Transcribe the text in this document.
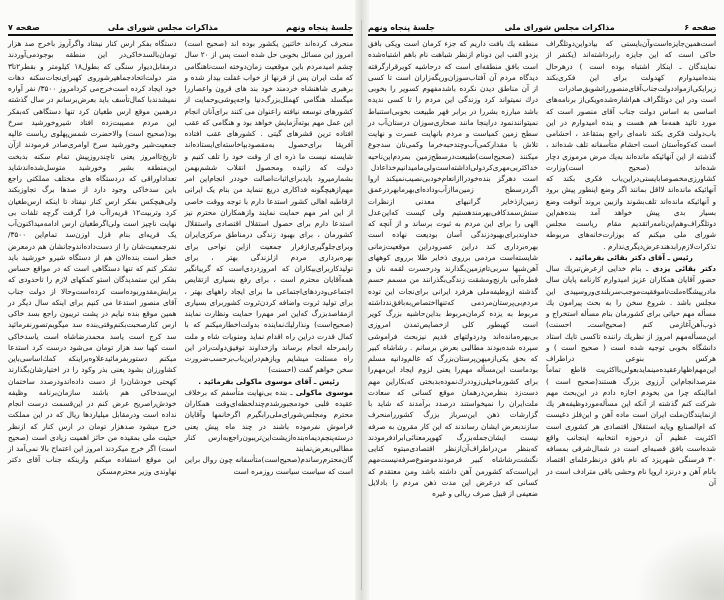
جلسهٔ پنجاه ونهم
مذاکرات مجلس شورای ملی
صفحه ۷

منحرف کرده‌اند خائنین یکشور بوده اند (صحیح است) امروز این مسائل بخوبی حل شده است پس از ۲۰ سال چشم امیدمردم باین موقعیت زمان‌دوخته است‌ناهنگامی که ملت ایران پس از قرنها از خواب غفلت بیدار شده و برهبری شاهنشاه خردمند خود بند های قرون واعصاررا میگسلد هنگامی کهملل‌بزرگ‌دنیا واجه‌پوشی‌وحمایت از کشورهای توسعه نیافته راعنوان می کنند برای‌آنان انجام این عمل مهم بوته‌آزمایش خواهد بود و هنگامی که عقب افتاده ترین قشرهای گیتی . کشورهای عقب افتاده آفریقا برای‌حصول به‌مقصود‌بپاخاسته‌ای‌ایستاده‌اند شایسته نیست ما ذره ای از وقت خود را تلف کنیم و دولت که زائیده ومحصول انقلاب ششم‌بهمن بشمارمیرود بایدبرای‌اثبات‌اصالت خود‌در انجام‌این امر مهم‌ازهیچگونه فداکاری دریغ ننماید من بنام یک ایرانی ازقاطبه اهالی کشور استدعا دارم با توجه ووقت خاصی از این امر مهم حمایت نمایند واز‌همکاران محترم نیز استدعا دارم برای حصول استقلال اقتصادی و‌استقلال کشورمان ، برای بهبود زندگی درمناطق مرکزی‌ایران و‌برای‌جلوگیری‌ازفرار جمعیت ازاین نواحی برای بهره‌برداری مردم ازلزندگی بهتر ، برای تولید‌کاربرای‌بیکاران که امروز‌دردی‌است که گریبانگیر همه‌آقایان محترم است ، برای رفع بسیاری ازتقایص اجتماعی‌ودردهای‌اجتماعی ما برای ایجاد راههای بهتر ، برای تولید ثروت واضافه کردن‌ثروت کشور‌برای بسیاری ازمقاصدبزرگ که‌این امر مهم‌را حمایت ونظارت نمایند (صحیح‌است) ونذارلیك‌نماینده بدولت‌اخطارمیکنم که با کمال قدرت دراین راه اقدام نماید ومنویات شاه و ملت رابمرحله انجام برساند واز‌خداوند توفیق‌دولت‌رادر این راه مسئلت میشایم ویاز‌هم‌دراین‌باب‌برحسب‌ضرورت سخن خواهم گفت (احسنت)

رئیس ـ آقای موسوی ماکولی بفرمائید .

موسوی ماکولی ـ بنده بی‌نهایت متأسفم که برخلاف عقیده قلبی خودمجبورشدم‌چندلحظه‌ای‌وقت همکاران محترم ومجلس‌شورای‌ملی‌رابگیرم اگرخانمها وآقایان فراموش نفرموده باشند در چند ماه پیش یعنی درسته‌پنجم‌دیماه‌بنده‌ازپشت‌این‌تریبون‌راجع‌به‌ارس کنار مطالبی‌بعرض‌نمایند گان‌محترم‌رساندم(صحیح‌است)متأسفانه چون روال براین است که سیاست سیاست روزمره است

دستگاه بفکر ارس کنار نیفتاد واگرآروز باخرج صد هزار تومان‌بالسدخاکی‌در این منطقه بوجود‌می‌آوردند درمقابل‌دیوار سنگی که بطول۱۸ کیلومتر و بقطر۲تا۳ متر دولت‌اتحادجماهیرشوروی کهبرای‌نجات‌سکنه دهات خود ایجاد کرده است‌خرج‌می کرد‌امروز ۳۵۰۰/ نفر آواره نمیشدند‌با کمال‌تأسف باید بعرض‌برسانم در سال گذشته درهمین موقع ارس طغیان کرد تنها دستگاهی که‌بفکر این مردم مصیبت‌زده افتاد شیر‌وخورشید سرخ بود(صحیح است) والاحضرت شمس‌پهلوی ریاست عالیه جمعیت‌شیر وخورشید سرخ اوامری‌صادر فرمودند از‌آن تاریخ‌تاامروز یعنی تاچندروزپیش تمام سکنه بدبخت این‌منطقه بشیر وخورشید متوسل‌شده‌اند‌شاید تعدادا‌وراقی که دردستگاه های مختلف مملکتی راجع باین سدخاکی وجود دارد از صدها برگ تجاوز‌بکند ولی‌هیچکس بفکر ارس کنار نیفتاد تا اینکه ارس‌طغیان کرد و‌تربیت۱۲ قریه‌راآب فرا گرفت گرچه تلفات بی نهایت ناچیز است ولی‌اگرطغیان ارس ادامه‌میداکنون‌آب یک قریه‌ای بنام قزل اوزن‌سد تمام‌این ۳۵۰۰/ نفر‌جمعیت‌شان را از دست‌داده‌اند‌وجانشان هم درمعرض خطر است بنده‌الان هم از دستگاه شیرو خورشید باید تشکر کنم که تنها دستگاهی است که در مواقع حساس بفکر این ستمدیدگان استو کمکهای لازم را تاحدودی که برایش‌مقدور‌بوده‌است کرده‌است‌وحالا از دولت جناب آقای منصور استدعا می کنیم برای اینکه سال دیگر در همین موقع بنده نیایم در پشت تریبون راجع بسد خاکی ارس کنار‌صحبت‌بکنم‌وقتی‌بنده سد میگویم‌تصور‌نفرمائید سد کرج است یاسد محمدرضاشاه است یاسدخاکی است کهبا سد هزار تومان می‌شود درست کرد استدعا میکنم دستوربفرمائیدعلاوه‌براینکه کمك‌اساسی‌باین کشاورزان بشود یعنی بذر وکود را در اختیارشان‌بگذارند کهحتی خودشان‌را از دست داده‌اندو‌درصدد ساختمان این‌سدخاکی هم باشند سازمان‌برنامه وظیفه خودش‌راصریح عرض کنم در این‌قسمت درست انجام نداده است ودرمقابل میلیاردها ریال که در این مملکت خرج میشود صدهزار تومان در ارس کنار که ازنظر حیثیت ملی بمقیده من حائز اهمیت زیادی است (صحیح است) اگر خرج میکردند امروز این اعتماح بالا نمی‌آمد از این موقع استفاده میکنم وارینکه جناب آقای دکتر نهاوندی وزیر محترم‌مسکن

صفحه ۶
مذاکرات مجلس شورای ملی
جلسهٔ پنجاه ونهم

است‌همین‌جایزه‌است‌و‌آن‌بایستی که بیاد‌واین‌دوتلگراف حاکی است که این جایزه رابرداشته‌اند (یکنفر از نمایندگان ـ اینکار اشتباه بوده است ) در‌هر‌حال بنده‌امیدوارم کهدولت برای این فکری‌بکند زیرا‌یکی‌از‌مواد‌دولت‌جناب‌آقای‌منصور‌راتشویق‌صادرات است ودر این دوتلگراف هم‌اشاره‌شده‌ویکی‌از برنامه‌های اساسی به اساس دولت جناب آقای منصور است که مورد تائید همه‌ما هم هست و بنده امیدوارم در این باب‌دولت فکری بکند نامه‌ای راجع بمتقاعد ، احشامی است که‌کوه‌آستان است احشام متأسفانه تلف شده‌اند ، گذشته از این آنهائیکه مانده‌اند به‌یك مرض مرموزی دچار شده‌اند (صحیح است)وزارت کشاورزی‌مخصوصا‌بایستی‌دراین‌باب فکری بکند که آنهائیکه مانده‌اند لااقل بمانند اگر وضع اینطور پیش برود و آنهائیکه مانده‌اند تلف‌بشوند واز‌بین بروند آنوقت وضع بسیار بدی پیش خواهد آمد بنده‌هم‌این دوتلگراف‌وهم‌این‌نامه‌را‌تقدیم مقام ریاست مجلس شورای ملی میکنم که بوزارت‌خانه‌های مربوطه تذکرات‌لازم‌رابدهند‌عرض‌دیگری‌ندارم .

رئیس ـ آقای دکتر بقائی بفرمائید .

دکتر بقائی یزدی ـ بنام خدایی ازعرض‌تبریك سال حضور آقایان همکاران عزیز امیدوارم کارنامه پایان سال ما‌درپیشگاه‌ملت‌تاموفقیت‌موجب‌سربلندی‌وروسپیدی این مجلس باشد . شروع سخن را به بحث پیرامون یك مسأله مهم حیاتی برای کشورمان بنام مسأله استخراج و ذوب‌آهن‌آغازمی کنم (صحیح‌است‌ـ احسنت) این‌مسأله‌مهم امروز از نظریك راننده تاکسی تایك استاد دانشگاه بخوبی توجیه شده است ( صحیح است ) و هرکس بنوعی دراطراف این‌مهم‌اظهار‌عقیده‌مینماید‌بعولی‌بااکثریت قاطع تماماً مترصد‌انجام‌این آرزوی بزرگ هستند(صحیح است ) اما‌اینکه چرا من بخودم اجازه دادم در این‌بحث مهم شرکت کنم گذشته از آنکه این مسأله‌مورد‌وظیفه‌هر یك ازنمایندگان‌ملت ایران است ماده آهن و این‌فلز دغیست که ام‌الصنایع ویایه استقلال اقتصادی هر کشوری است اکثریت عظیم آن درحوزه انتخابیه اینجانب واقع شده‌است بافق قصبه‌ای است در شمال‌شرقی بمسافه ۳۰ فرسنگی شهریزد که نام بافق درنظر‌علمای اقتصاد بانام آهن و درنزد اروپا نام وحشی باقی مترادف است در آن

منطقه یك بافت داریم که جزء کرمان است ویکی بافق یزدو القب این دونام ازنظر شباهت نام باهم اشتباه‌شده است بافق منطقه‌ای است که درحاشیه کویر‌قرار‌گرفته دیدگاه مردم آن آفتاب‌سوزان‌وریگه‌زاران است تا کسی از آن مناطق دیدن نکرده باشد‌مفهوم کسویر را بخوبی درك نمیتواند کرد وزندگی این مردم را تا کسی ندیده باشد مبارزه بشررا در برابر قهر طبیعت بخوبی‌استنباط نمیتوانند‌نمود دراینجا مانند صحاری‌سوزان درستان‌آب در سطح زمین کمیاست و مردم بانهایت عسرت و نهایت تلاش با مقدار‌کمی‌آب‌وچند‌حبه‌خرما و‌کمی‌نان سدجوع میکنند (صحیح‌است)طبیعت‌درسطح‌زمین بمردم‌این‌ناحیه خدا‌کثر‌بی‌مهری‌کرد‌ولی‌ادا‌شته‌است‌ولی‌مامید‌انیم‌خداعادل است دهر‌گز بنده‌خود‌را‌ازانعام‌خود‌بی‌نصیب‌نمیکند اروا اگردر‌سطح زمین‌ما‌از‌آب‌وداده‌ای‌بهر‌ما‌بهردرعمق زمین‌ازذخایر گرانبهای معدنی ازنظرات سنش‌سمد‌کافی‌بهر‌مند‌هستیم ولی کیست که‌این‌عدل الهی را برای این مردم به ثبوت برساند و از آنچه که خداوندبرای‌بهبود‌زندگی آسان بودیعت نهاده است بهره‌برداری کند دراین عصرودراین موقعیت‌زمانی شایسته‌است مردمی برروی ذخایر طلا برروی کوههای آهن‌شبها سربی‌تام‌زمین‌بگذارند ودرحسرت لقمه نان و قطره‌آبی بارنج‌ومشقت زندگی‌بگذرانند من مسمم حسم گذشته ازوظیفه‌ملی هرفرد ایرانی برای‌نجات این توده مردم‌بی‌پرستان‌مردمی که‌تنها‌اختصاص‌به‌بافق‌ندداشته مربوط به یزد‌ه‌ کرمان‌مربوط بداین‌حاشیه بزرگ کویر است کهبطور کلی ازخصایص‌تمدن امروزی بی‌بهره‌مانده‌اند ودردولتهای قدیم نیزبحث فراموشی سپرده شده‌بودند مطالبی بعرض برسانم . رشاشاه کبیر که بحق یکی‌ازمیهن‌پرستان‌بزرگ که عالم‌و‌دانیه مسلم بودماست این‌مسأله مهم‌را یعنی لزوم ایجاد این‌مهم‌را برای کشور‌ما‌خیلی‌زود‌درك‌نموده‌بدبختی که‌بکار‌این مهم دست‌زد بنظر‌من‌درهمان موقع کسانی که سعادت ملت‌ایران را نمیخواستند درصدد برآمدند که شاید با گزارشات ذهن این‌سرباز بزرگ کشوررا‌منحرف سازند‌بعرض ایشان رساندند که این کار مقرون به صرفه نیست ایشان‌جمله‌بزرگ کهوپرمعنائی‌ابرادفرمودند که‌بنظر من‌دراطراف‌آن‌ازنظر اقتصادی‌مبتوه کنایی نگنشت‌رشاشاه کبیر فرمودند‌موضوع‌صرفه‌نیست‌مهم این‌است‌که کشورمن آهن داشته باشد ومن معتقدم که کسانی که درعرض این مدت ذهن مردم را بادلایل ضعیفی از قبیل صرف ریالی و غیره
